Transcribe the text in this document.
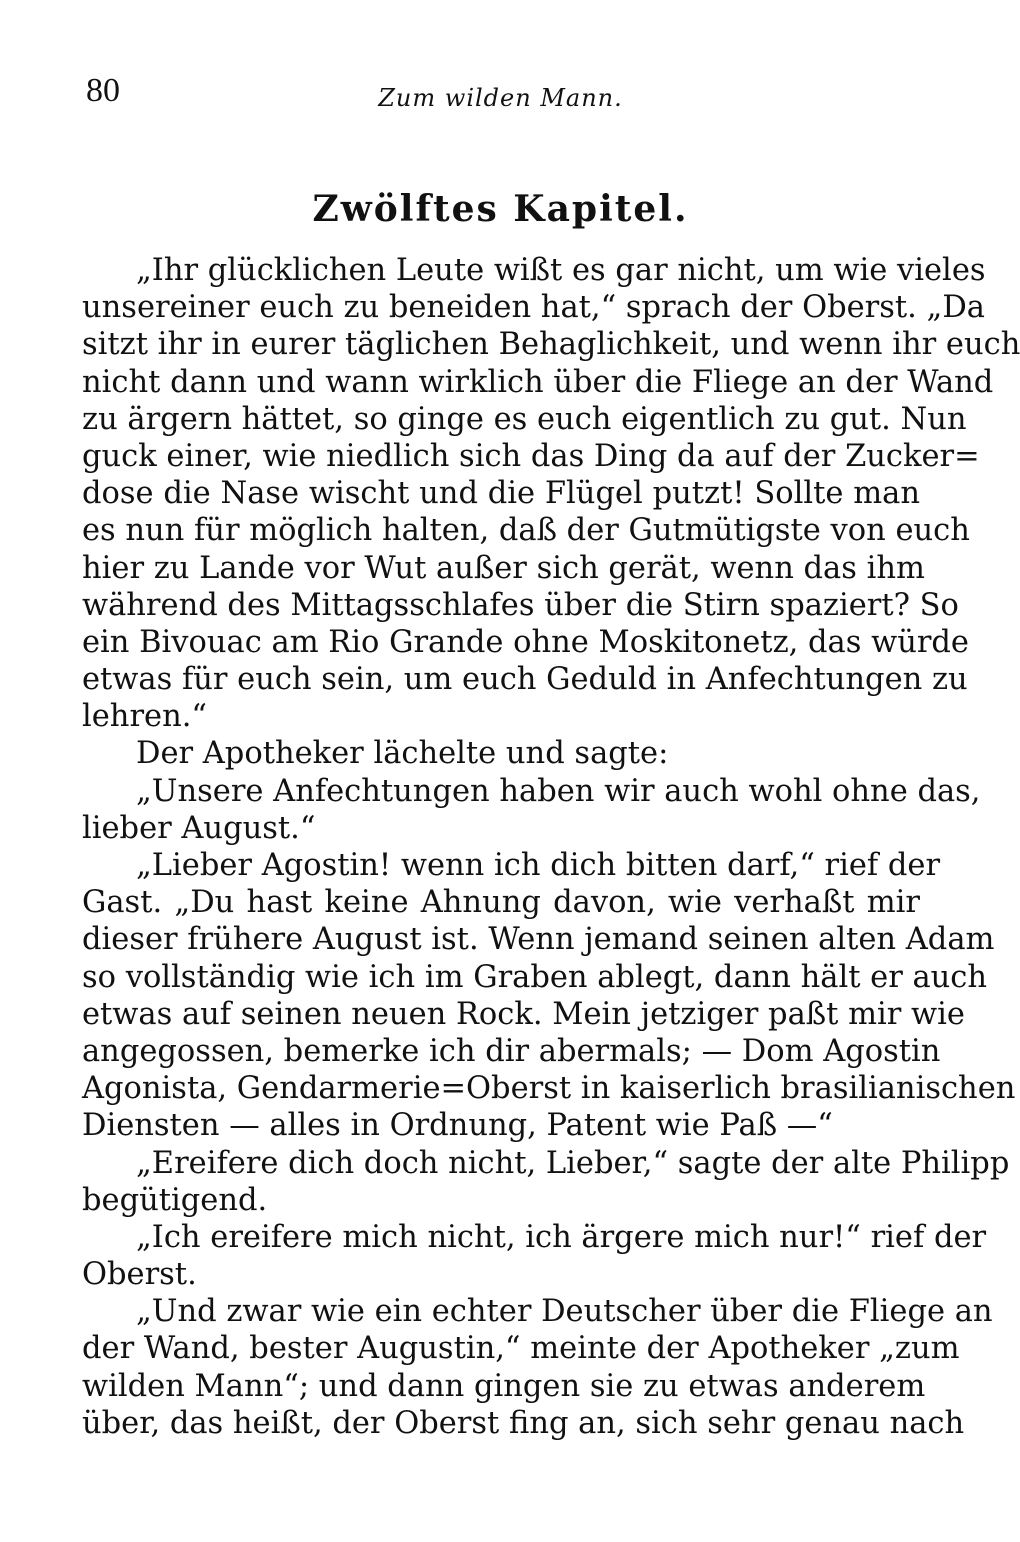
80	Zum wilden Mann.
Zwölftes Kapitel.
„Ihr glücklichen Leute wißt es gar nicht, um wie vieles
unsereiner euch zu beneiden hat,“ sprach der Oberst. „Da
sitzt ihr in eurer täglichen Behaglichkeit, und wenn ihr euch
nicht dann und wann wirklich über die Fliege an der Wand
zu ärgern hättet, so ginge es euch eigentlich zu gut. Nun
guck einer, wie niedlich sich das Ding da auf der Zucker=
dose die Nase wischt und die Flügel putzt! Sollte man
es nun für möglich halten, daß der Gutmütigste von euch
hier zu Lande vor Wut außer sich gerät, wenn das ihm
während des Mittagsschlafes über die Stirn spaziert? So
ein Bivouac am Rio Grande ohne Moskitonetz, das würde
etwas für euch sein, um euch Geduld in Anfechtungen zu
lehren.“
Der Apotheker lächelte und sagte:
„Unsere Anfechtungen haben wir auch wohl ohne das,
lieber August.“
„Lieber Agostin! wenn ich dich bitten darf,“ rief der
Gast. „Du hast keine Ahnung davon, wie verhaßt mir
dieser frühere August ist. Wenn jemand seinen alten Adam
so vollständig wie ich im Graben ablegt, dann hält er auch
etwas auf seinen neuen Rock. Mein jetziger paßt mir wie
angegossen, bemerke ich dir abermals; — Dom Agostin
Agonista, Gendarmerie=Oberst in kaiserlich brasilianischen
Diensten — alles in Ordnung, Patent wie Paß —“
„Ereifere dich doch nicht, Lieber,“ sagte der alte Philipp
begütigend.
„Ich ereifere mich nicht, ich ärgere mich nur!“ rief der
Oberst.
„Und zwar wie ein echter Deutscher über die Fliege an
der Wand, bester Augustin,“ meinte der Apotheker „zum
wilden Mann“; und dann gingen sie zu etwas anderem
über, das heißt, der Oberst fing an, sich sehr genau nach
